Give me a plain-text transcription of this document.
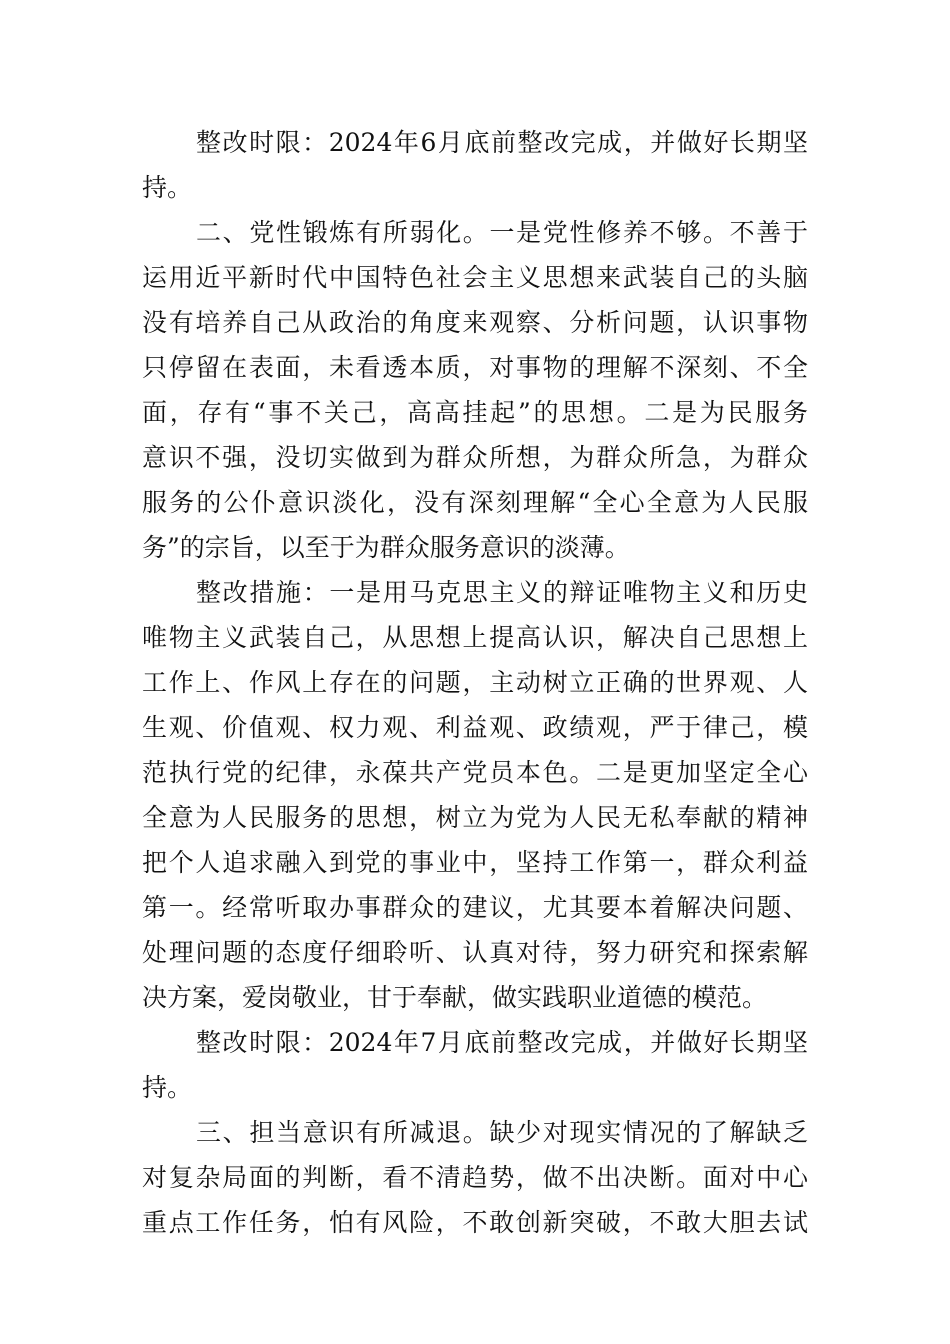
整改时限：2024年6月底前整改完成，并做好长期坚
持。
二、党性锻炼有所弱化。一是党性修养不够。不善于
运用近平新时代中国特色社会主义思想来武装自己的头脑
没有培养自己从政治的角度来观察、分析问题，认识事物
只停留在表面，未看透本质，对事物的理解不深刻、不全
面，存有“事不关己，高高挂起”的思想。二是为民服务
意识不强，没切实做到为群众所想，为群众所急，为群众
服务的公仆意识淡化，没有深刻理解“全心全意为人民服
务”的宗旨，以至于为群众服务意识的淡薄。
整改措施：一是用马克思主义的辩证唯物主义和历史
唯物主义武装自己，从思想上提高认识，解决自己思想上
工作上、作风上存在的问题，主动树立正确的世界观、人
生观、价值观、权力观、利益观、政绩观，严于律己，模
范执行党的纪律，永葆共产党员本色。二是更加坚定全心
全意为人民服务的思想，树立为党为人民无私奉献的精神
把个人追求融入到党的事业中，坚持工作第一，群众利益
第一。经常听取办事群众的建议，尤其要本着解决问题、
处理问题的态度仔细聆听、认真对待，努力研究和探索解
决方案，爱岗敬业，甘于奉献，做实践职业道德的模范。
整改时限：2024年7月底前整改完成，并做好长期坚
持。
三、担当意识有所减退。缺少对现实情况的了解缺乏
对复杂局面的判断，看不清趋势，做不出决断。面对中心
重点工作任务，怕有风险，不敢创新突破，不敢大胆去试
